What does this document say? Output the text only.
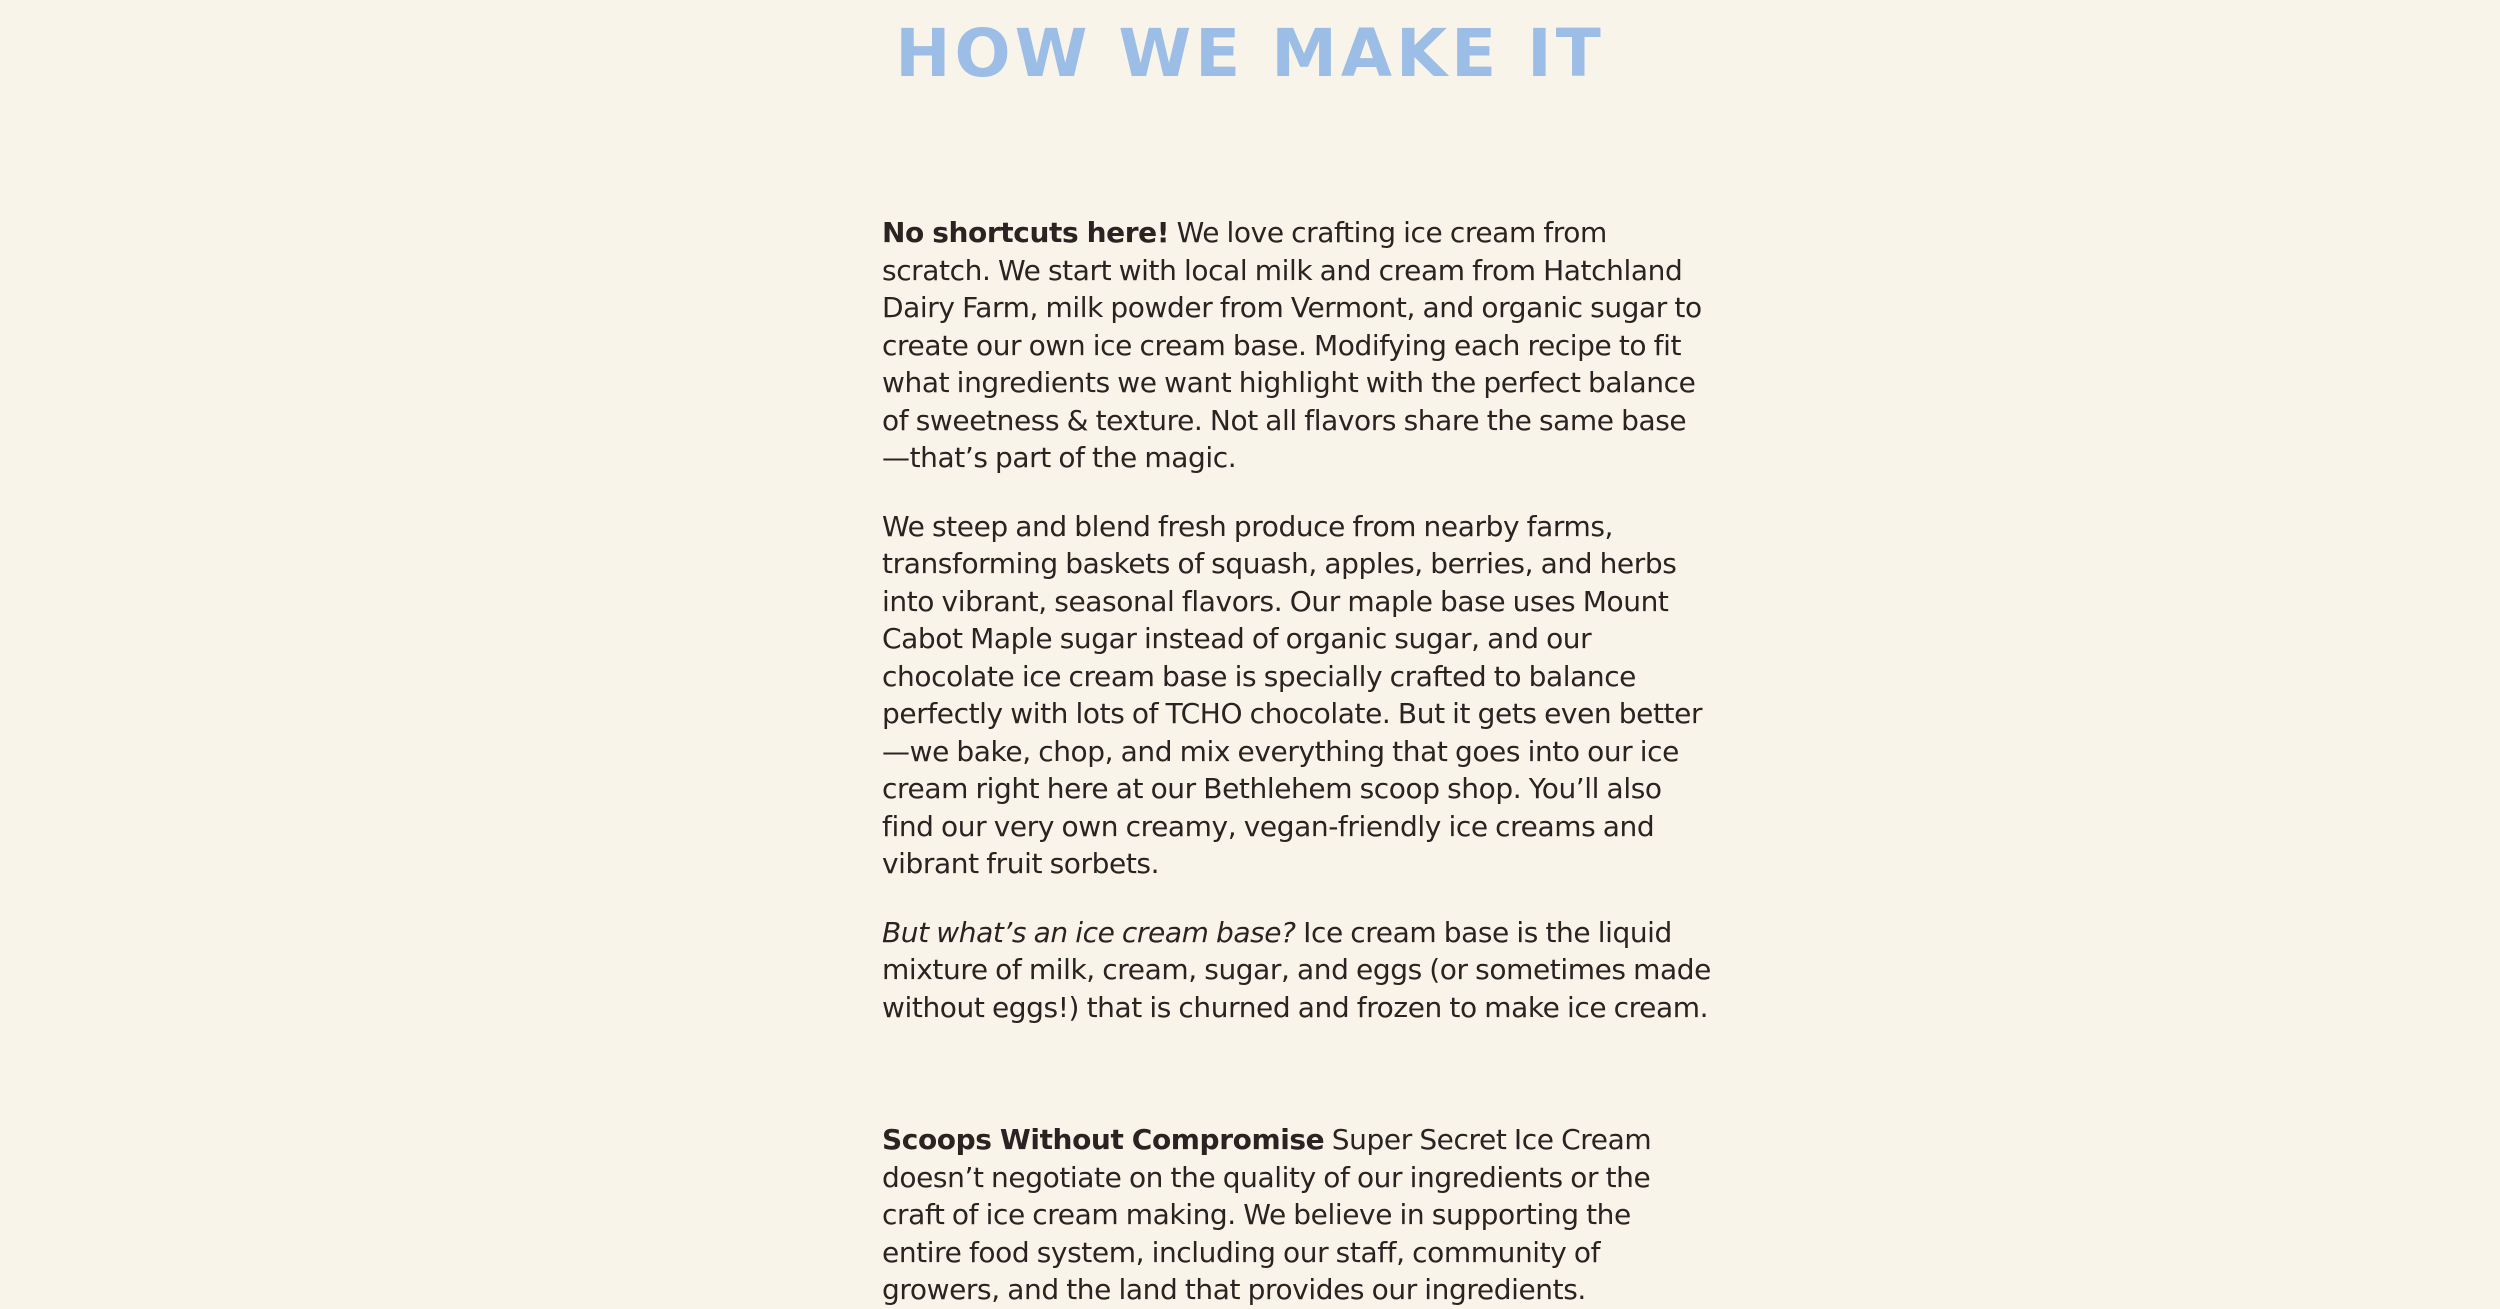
HOW WE MAKE IT

No shortcuts here! We love crafting ice cream from scratch. We start with local milk and cream from Hatchland Dairy Farm, milk powder from Vermont, and organic sugar to create our own ice cream base. Modifying each recipe to fit what ingredients we want highlight with the perfect balance of sweetness & texture. Not all flavors share the same base—that’s part of the magic.

We steep and blend fresh produce from nearby farms, transforming baskets of squash, apples, berries, and herbs into vibrant, seasonal flavors. Our maple base uses Mount Cabot Maple sugar instead of organic sugar, and our chocolate ice cream base is specially crafted to balance perfectly with lots of TCHO chocolate. But it gets even better—we bake, chop, and mix everything that goes into our ice cream right here at our Bethlehem scoop shop. You’ll also find our very own creamy, vegan-friendly ice creams and vibrant fruit sorbets.

But what’s an ice cream base? Ice cream base is the liquid mixture of milk, cream, sugar, and eggs (or sometimes made without eggs!) that is churned and frozen to make ice cream.

Scoops Without Compromise Super Secret Ice Cream doesn’t negotiate on the quality of our ingredients or the craft of ice cream making. We believe in supporting the entire food system, including our staff, community of growers, and the land that provides our ingredients.
